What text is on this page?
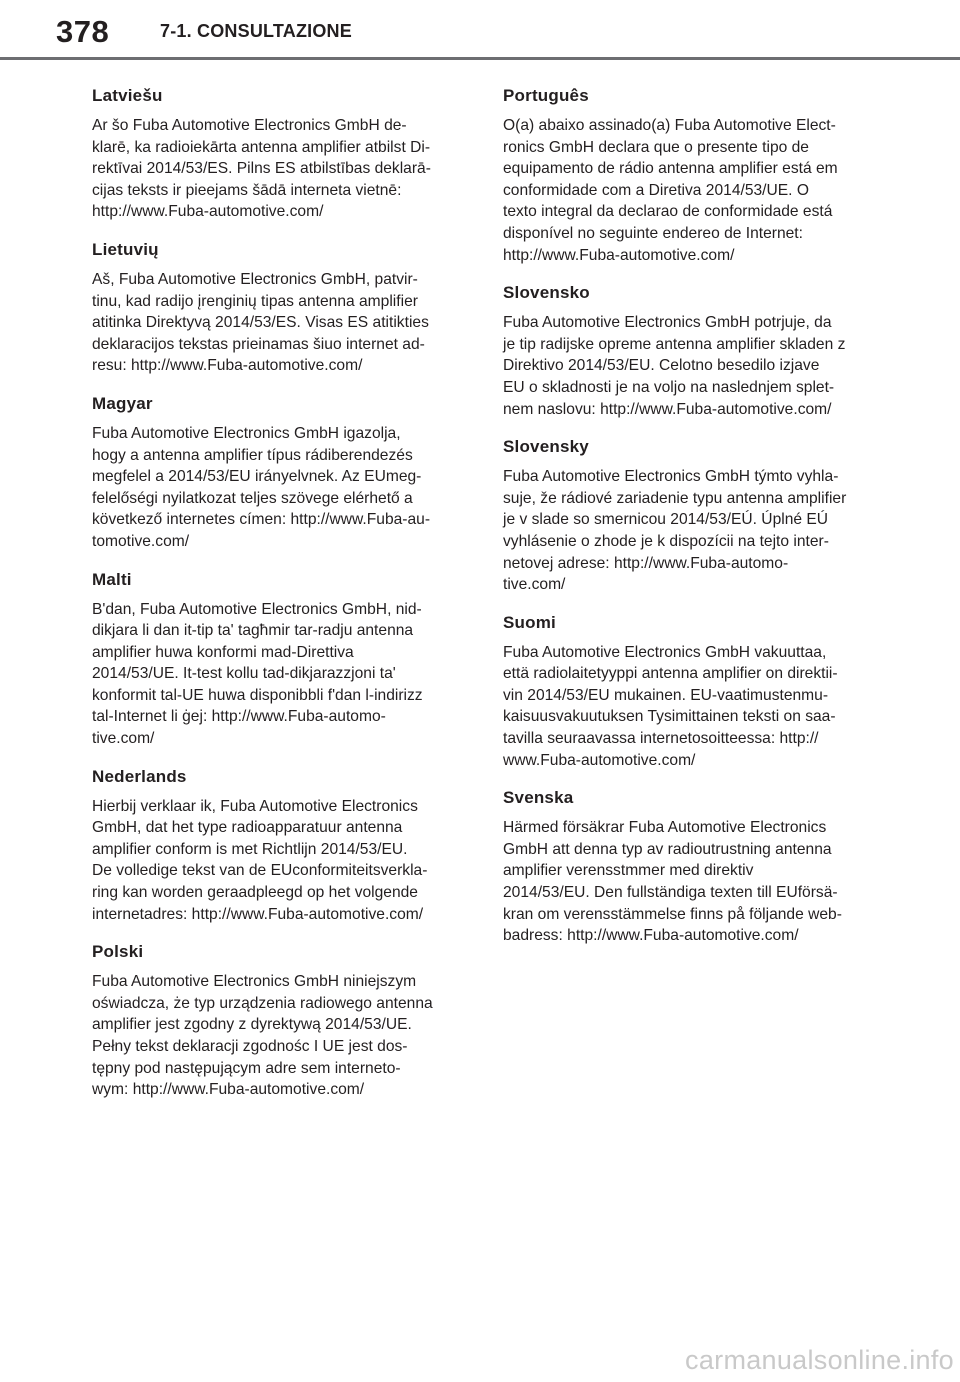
378	7-1. CONSULTAZIONE
Latviešu

Ar šo Fuba Automotive Electronics GmbH de-
klarē, ka radioiekārta antenna amplifier atbilst Di-
rektīvai 2014/53/ES. Pilns ES atbilstības deklarā-
cijas teksts ir pieejams šādā interneta vietnē:
http://www.Fuba-automotive.com/

Lietuvių

Aš, Fuba Automotive Electronics GmbH, patvir-
tinu, kad radijo įrenginių tipas antenna amplifier
atitinka Direktyvą 2014/53/ES. Visas ES atitikties
deklaracijos tekstas prieinamas šiuo internet ad-
resu: http://www.Fuba-automotive.com/

Magyar

Fuba Automotive Electronics GmbH igazolja,
hogy a antenna amplifier típus rádiberendezés
megfelel a 2014/53/EU irányelvnek. Az EUmeg-
felelőségi nyilatkozat teljes szövege elérhető a
következő internetes címen: http://www.Fuba-au-
tomotive.com/

Malti

B'dan, Fuba Automotive Electronics GmbH, nid-
dikjara li dan it-tip ta' tagħmir tar-radju antenna
amplifier huwa konformi mad-Direttiva
2014/53/UE. It-test kollu tad-dikjarazzjoni ta'
konformit tal-UE huwa disponibbli f'dan l-indirizz
tal-Internet li ġej: http://www.Fuba-automo-
tive.com/

Nederlands

Hierbij verklaar ik, Fuba Automotive Electronics
GmbH, dat het type radioapparatuur antenna
amplifier conform is met Richtlijn 2014/53/EU.
De volledige tekst van de EUconformiteitsverkla-
ring kan worden geraadpleegd op het volgende
internetadres: http://www.Fuba-automotive.com/

Polski

Fuba Automotive Electronics GmbH niniejszym
oświadcza, że typ urządzenia radiowego antenna
amplifier jest zgodny z dyrektywą 2014/53/UE.
Pełny tekst deklaracji zgodnośc I UE jest dos-
tępny pod następującym adre sem interneto-
wym: http://www.Fuba-automotive.com/

Português

O(a) abaixo assinado(a) Fuba Automotive Elect-
ronics GmbH declara que o presente tipo de
equipamento de rádio antenna amplifier está em
conformidade com a Diretiva 2014/53/UE. O
texto integral da declarao de conformidade está
disponível no seguinte endereo de Internet:
http://www.Fuba-automotive.com/

Slovensko

Fuba Automotive Electronics GmbH potrjuje, da
je tip radijske opreme antenna amplifier skladen z
Direktivo 2014/53/EU. Celotno besedilo izjave
EU o skladnosti je na voljo na naslednjem splet-
nem naslovu: http://www.Fuba-automotive.com/

Slovensky

Fuba Automotive Electronics GmbH týmto vyhla-
suje, že rádiové zariadenie typu antenna amplifier
je v slade so smernicou 2014/53/EÚ. Úplné EÚ
vyhlásenie o zhode je k dispozícii na tejto inter-
netovej adrese: http://www.Fuba-automo-
tive.com/

Suomi

Fuba Automotive Electronics GmbH vakuuttaa,
että radiolaitetyyppi antenna amplifier on direktii-
vin 2014/53/EU mukainen. EU-vaatimustenmu-
kaisuusvakuutuksen Tysimittainen teksti on saa-
tavilla seuraavassa internetosoitteessa: http://
www.Fuba-automotive.com/

Svenska

Härmed försäkrar Fuba Automotive Electronics
GmbH att denna typ av radioutrustning antenna
amplifier verensstmmer med direktiv
2014/53/EU. Den fullständiga texten till EUförsä-
kran om verensstämmelse finns på följande web-
badress: http://www.Fuba-automotive.com/

carmanualsonline.info
